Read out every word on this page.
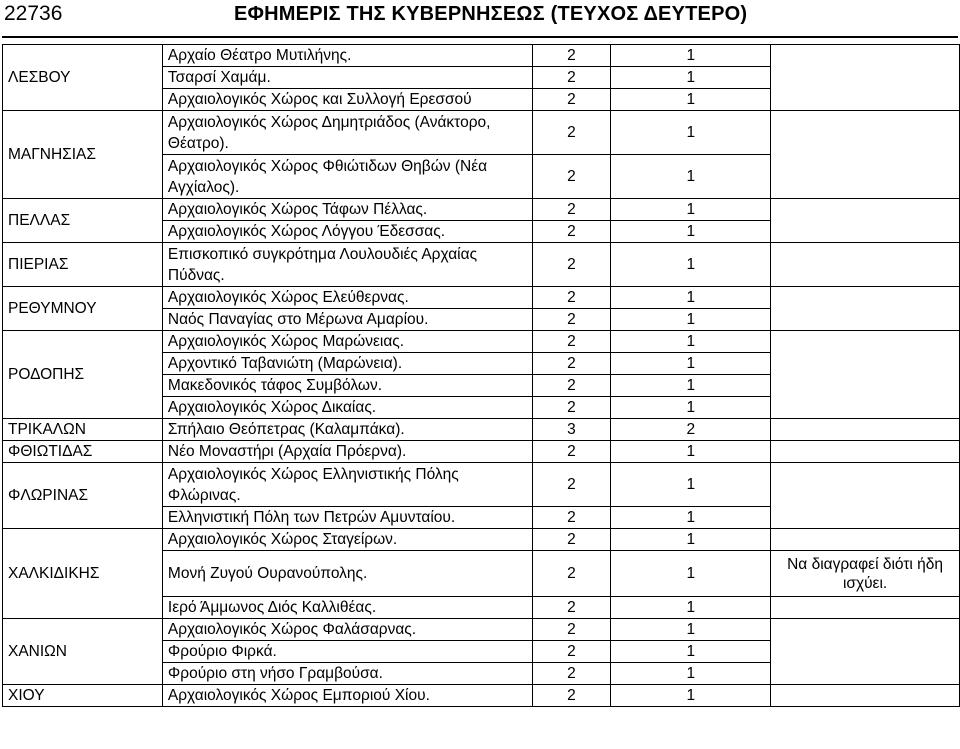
22736	ΕΦΗΜΕΡΙΣ ΤΗΣ ΚΥΒΕΡΝΗΣΕΩΣ (ΤΕΥΧΟΣ ΔΕΥΤΕΡΟ)
ΛΕΣΒΟΥ	Αρχαίο Θέατρο Μυτιλήνης.	2	1	
	Τσαρσί Χαμάμ.	2	1	
	Αρχαιολογικός Χώρος και Συλλογή Ερεσσού	2	1	
ΜΑΓΝΗΣΙΑΣ	Αρχαιολογικός Χώρος Δημητριάδος (Ανάκτορο, Θέατρο).	2	1	
	Αρχαιολογικός Χώρος Φθιώτιδων Θηβών (Νέα Αγχίαλος).	2	1	
ΠΕΛΛΑΣ	Αρχαιολογικός Χώρος Τάφων Πέλλας.	2	1	
	Αρχαιολογικός Χώρος Λόγγου Έδεσσας.	2	1	
ΠΙΕΡΙΑΣ	Επισκοπικό συγκρότημα Λουλουδιές Αρχαίας Πύδνας.	2	1	
ΡΕΘΥΜΝΟΥ	Αρχαιολογικός Χώρος Ελεύθερνας.	2	1	
	Ναός Παναγίας στο Μέρωνα Αμαρίου.	2	1	
ΡΟΔΟΠΗΣ	Αρχαιολογικός Χώρος Μαρώνειας.	2	1	
	Αρχοντικό Ταβανιώτη (Μαρώνεια).	2	1	
	Μακεδονικός τάφος Συμβόλων.	2	1	
	Αρχαιολογικός Χώρος Δικαίας.	2	1	
ΤΡΙΚΑΛΩΝ	Σπήλαιο Θεόπετρας (Καλαμπάκα).	3	2	
ΦΘΙΩΤΙΔΑΣ	Νέο Μοναστήρι (Αρχαία Πρόερνα).	2	1	
ΦΛΩΡΙΝΑΣ	Αρχαιολογικός Χώρος Ελληνιστικής Πόλης Φλώρινας.	2	1	
	Ελληνιστική Πόλη των Πετρών Αμυνταίου.	2	1	
ΧΑΛΚΙΔΙΚΗΣ	Αρχαιολογικός Χώρος Σταγείρων.	2	1	
	Μονή Ζυγού Ουρανούπολης.	2	1	Να διαγραφεί διότι ήδη ισχύει.
	Ιερό Άμμωνος Διός Καλλιθέας.	2	1	
ΧΑΝΙΩΝ	Αρχαιολογικός Χώρος Φαλάσαρνας.	2	1	
	Φρούριο Φιρκά.	2	1	
	Φρούριο στη νήσο Γραμβούσα.	2	1	
ΧΙΟΥ	Αρχαιολογικός Χώρος Εμπoριού Χίου.	2	1	
